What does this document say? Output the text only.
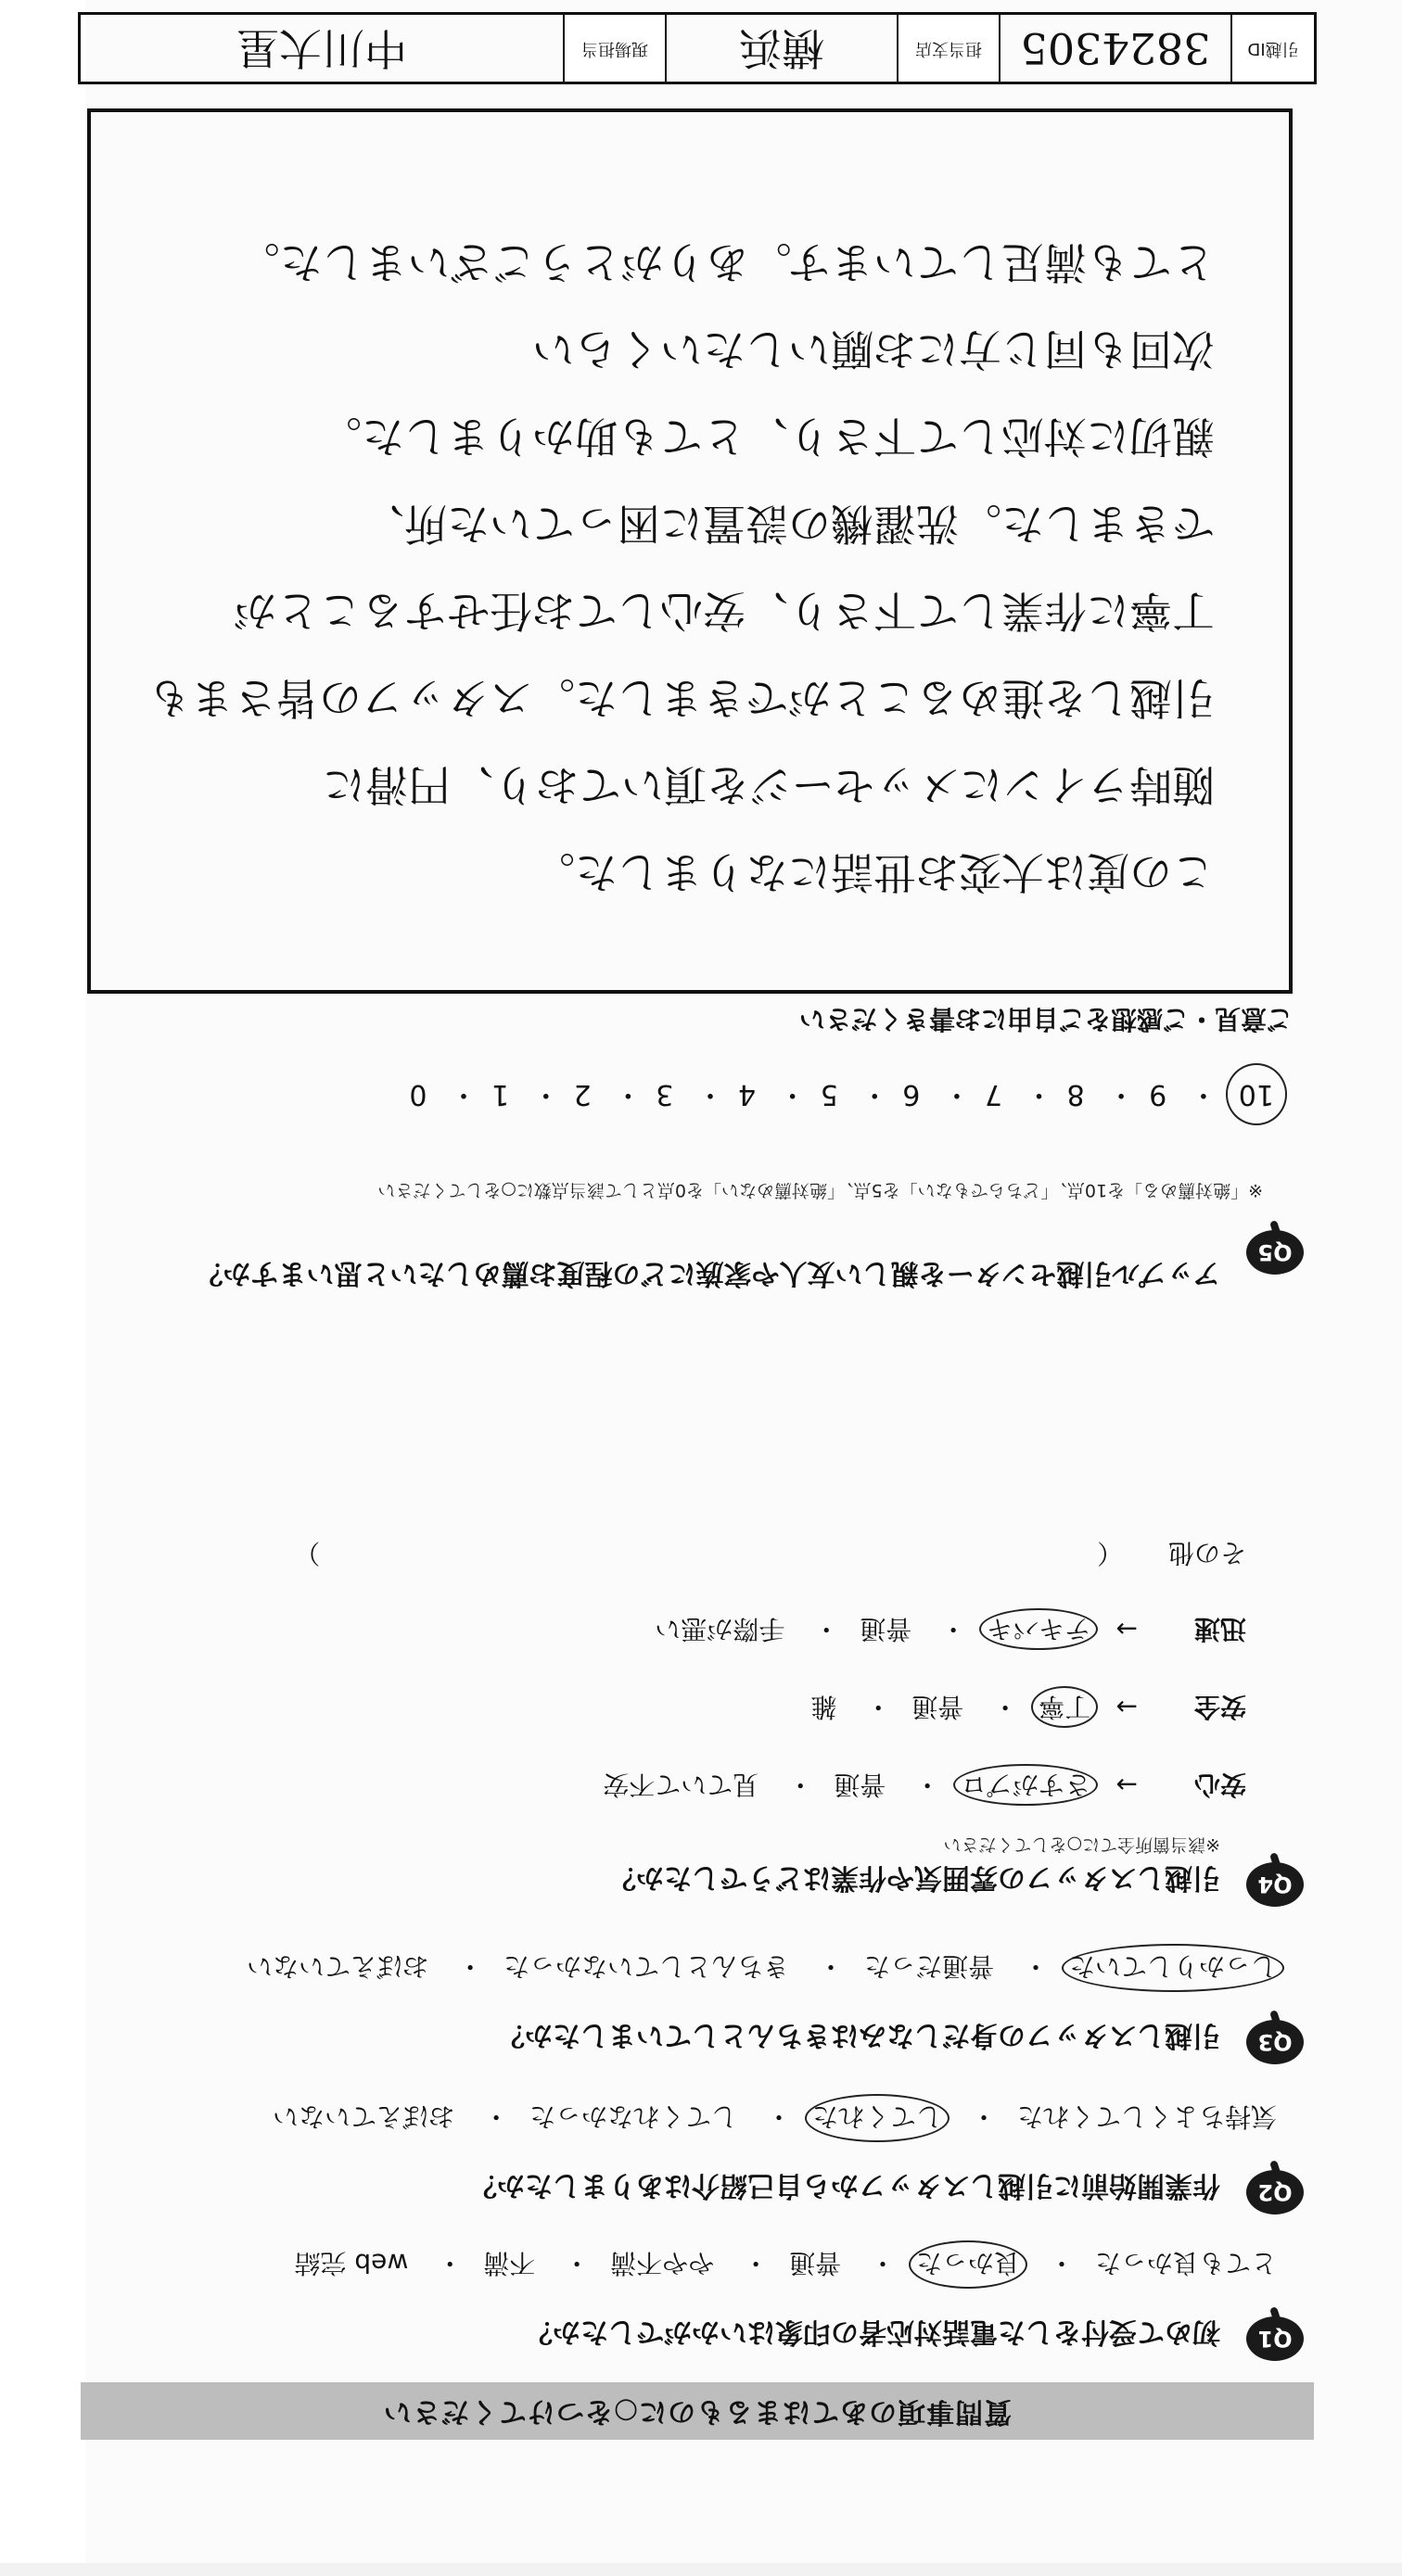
質問事項のあてはまるものに○をつけてください
Q1
初めて受付をした電話対応者の印象はいかがでしたか？
とても良かった・ 良かった・ 普通・ やや不満・ 不満・ web 完結
Q2
作業開始前に引越しスタッフから自己紹介はありましたか？
気持ちよくしてくれた・ してくれた・ してくれなかった・ おぼえていない
Q3
引越しスタッフの身だしなみはきちんとしていましたか？
しっかりしていた・ 普通だった・ きちんとしていなかった・ おぼえていない
Q4
引越しスタッフの雰囲気や作業はどうでしたか？
※該当箇所全てに○をしてください
安心 → さすがプロ・ 普通・ 見ていて不安
安全 → 丁寧・ 普通・ 雑
迅速 → テキパキ・ 普通・ 手際が悪い
その他 （  ）
Q5
アップル引越センターを親しい友人や家族にどの程度お薦めしたいと思いますか？
※「絶対薦める」を10点、「どちらでもない」を5点、「絶対薦めない」を0点として該当点数に○をしてください
10・ 9・ 8・ 7・ 6・ 5・ 4・ 3・ 2・ 1・ 0
ご意見・ご感想をご自由にお書きください
この度は大変お世話になりました。
随時ラインにメッセージを頂いており、円滑に
引越しを進めることができました。スタッフの皆さまも
丁寧に作業して下さり、安心してお任せすることが
できました。洗濯機の設置に困っていた所、
親切に対応して下さり、とても助かりました。
次回も同じ方にお願いしたいくらい
とても満足しています。ありがとうございました。
引越ID
3824305
担当支店
横浜
現場担当
中川大星
